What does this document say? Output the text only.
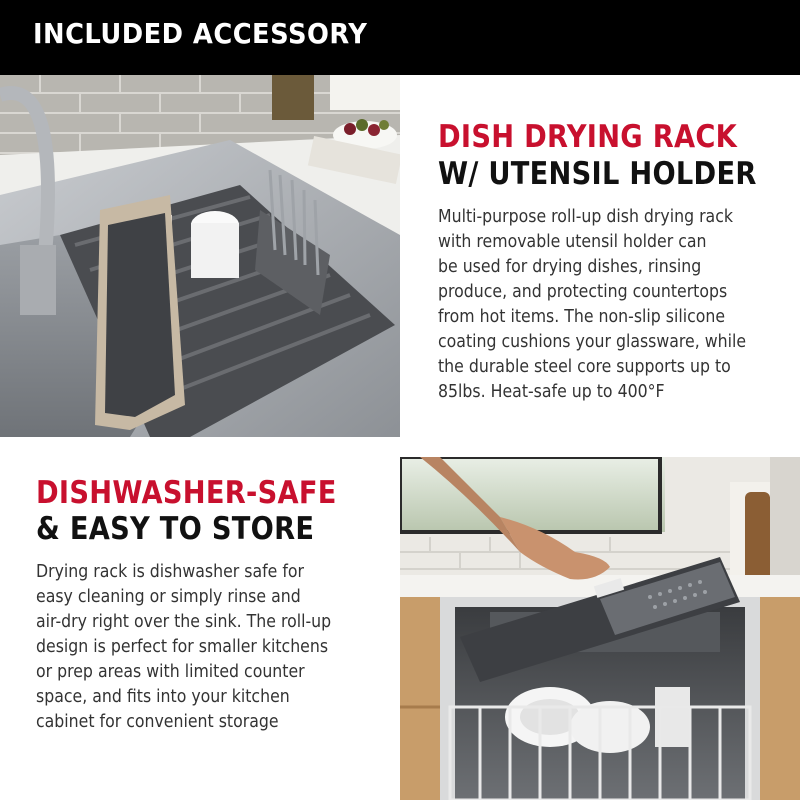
INCLUDED ACCESSORY
DISH DRYING RACK
W/ UTENSIL HOLDER
Multi-purpose roll-up dish drying rack
with removable utensil holder can
be used for drying dishes, rinsing
produce, and protecting countertops
from hot items. The non-slip silicone
coating cushions your glassware, while
the durable steel core supports up to
85lbs. Heat-safe up to 400°F
DISHWASHER-SAFE
& EASY TO STORE
Drying rack is dishwasher safe for
easy cleaning or simply rinse and
air-dry right over the sink. The roll-up
design is perfect for smaller kitchens
or prep areas with limited counter
space, and fits into your kitchen
cabinet for convenient storage
